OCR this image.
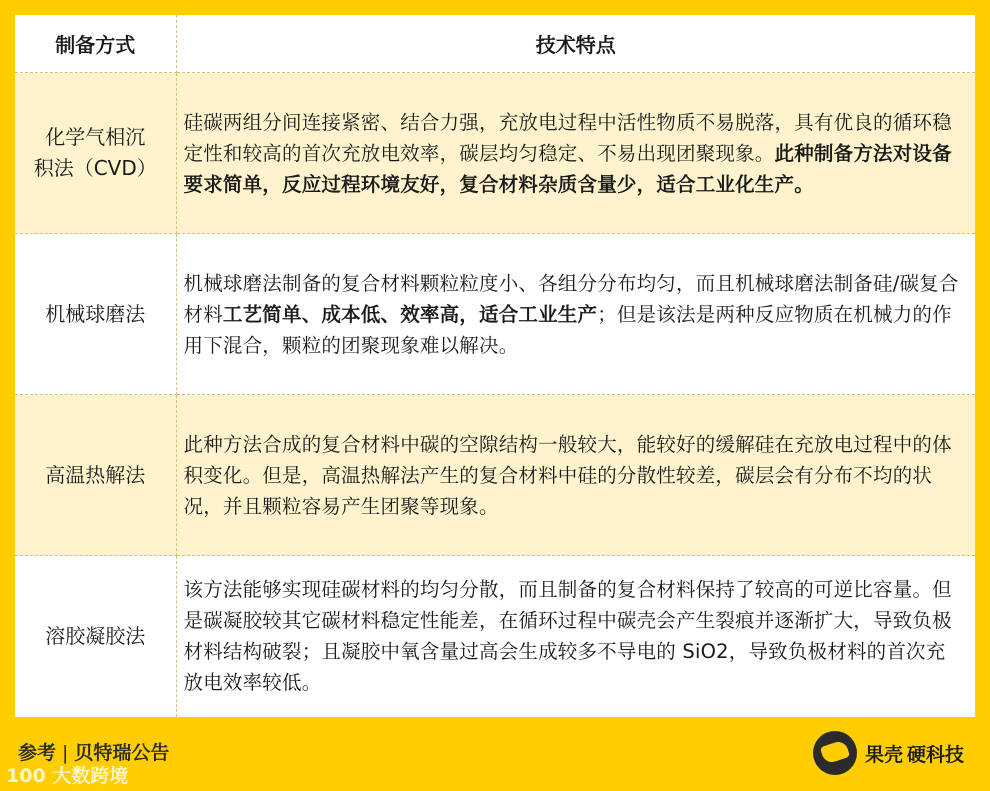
制备方式	技术特点

化学气相沉
积法（CVD）	硅碳两组分间连接紧密、结合力强，充放电过程中活性物质不易脱落，具有优良的循环稳定性和较高的首次充放电效率，碳层均匀稳定、不易出现团聚现象。此种制备方法对设备要求简单，反应过程环境友好，复合材料杂质含量少，适合工业化生产。
机械球磨法	机械球磨法制备的复合材料颗粒粒度小、各组分分布均匀，而且机械球磨法制备硅/碳复合材料工艺简单、成本低、效率高，适合工业生产；但是该法是两种反应物质在机械力的作用下混合，颗粒的团聚现象难以解决。
高温热解法	此种方法合成的复合材料中碳的空隙结构一般较大，能较好的缓解硅在充放电过程中的体积变化。但是，高温热解法产生的复合材料中硅的分散性较差，碳层会有分布不均的状况，并且颗粒容易产生团聚等现象。
溶胶凝胶法	该方法能够实现硅碳材料的均匀分散，而且制备的复合材料保持了较高的可逆比容量。但是碳凝胶较其它碳材料稳定性能差，在循环过程中碳壳会产生裂痕并逐渐扩大，导致负极材料结构破裂；且凝胶中氧含量过高会生成较多不导电的 SiO2，导致负极材料的首次充放电效率较低。
参考 | 贝特瑞公告
100 大数跨境
果壳 硬科技
